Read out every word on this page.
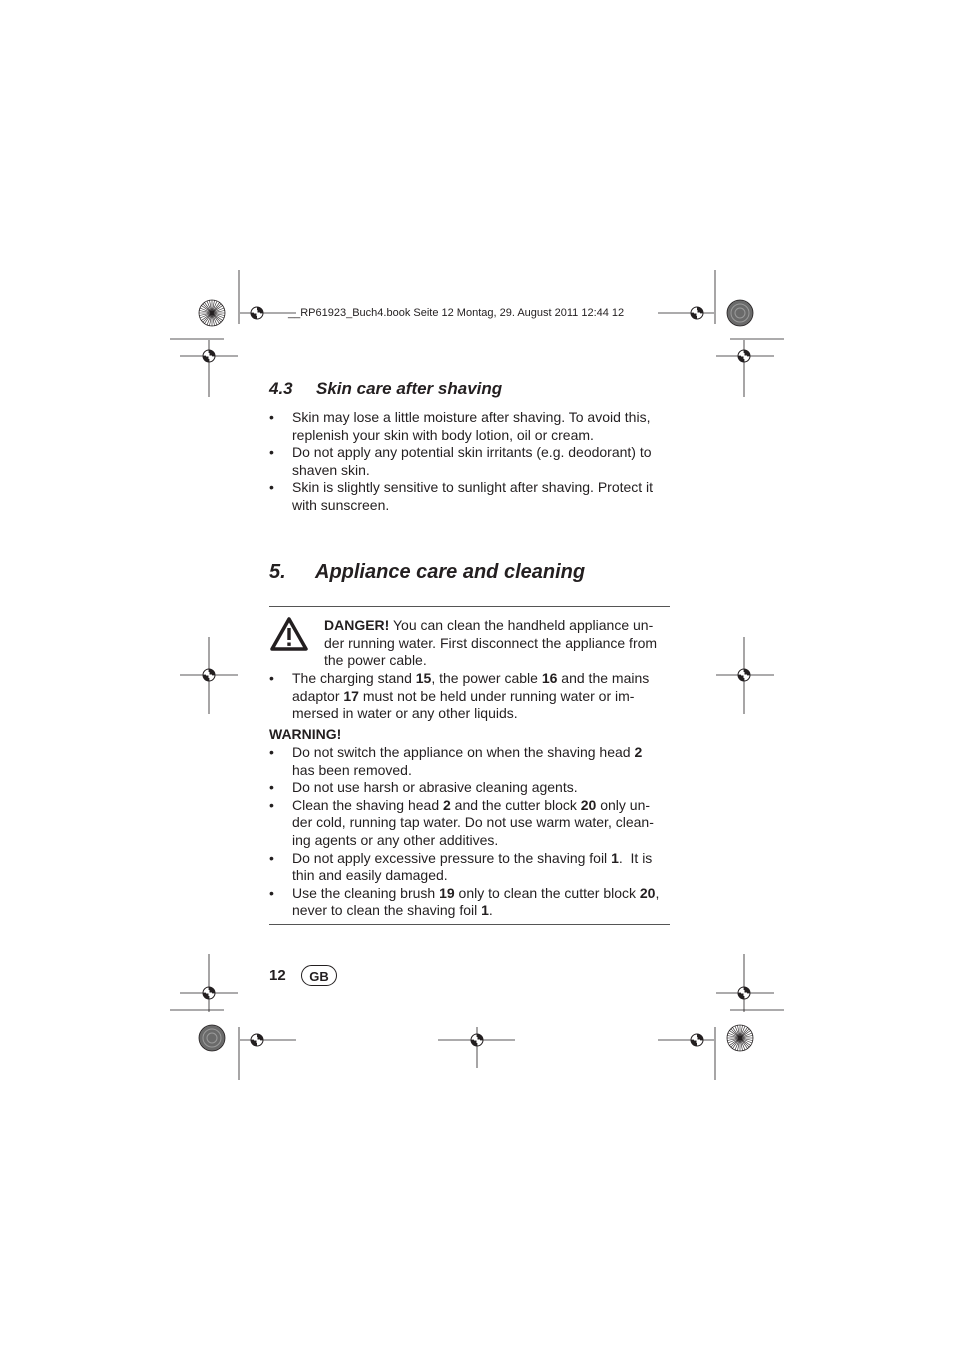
__RP61923_Buch4.book Seite 12 Montag, 29. August 2011 12:44 12
4.3 Skin care after shaving
• Skin may lose a little moisture after shaving. To avoid this,
replenish your skin with body lotion, oil or cream.
• Do not apply any potential skin irritants (e.g. deodorant) to
shaven skin.
• Skin is slightly sensitive to sunlight after shaving. Protect it
with sunscreen.
5. Appliance care and cleaning
DANGER! You can clean the handheld appliance un-
der running water. First disconnect the appliance from
the power cable.
• The charging stand 15, the power cable 16 and the mains
adaptor 17 must not be held under running water or im-
mersed in water or any other liquids.
WARNING!
• Do not switch the appliance on when the shaving head 2
has been removed.
• Do not use harsh or abrasive cleaning agents.
• Clean the shaving head 2 and the cutter block 20 only un-
der cold, running tap water. Do not use warm water, clean-
ing agents or any other additives.
• Do not apply excessive pressure to the shaving foil 1.  It is
thin and easily damaged.
• Use the cleaning brush 19 only to clean the cutter block 20,
never to clean the shaving foil 1.
12	GB
